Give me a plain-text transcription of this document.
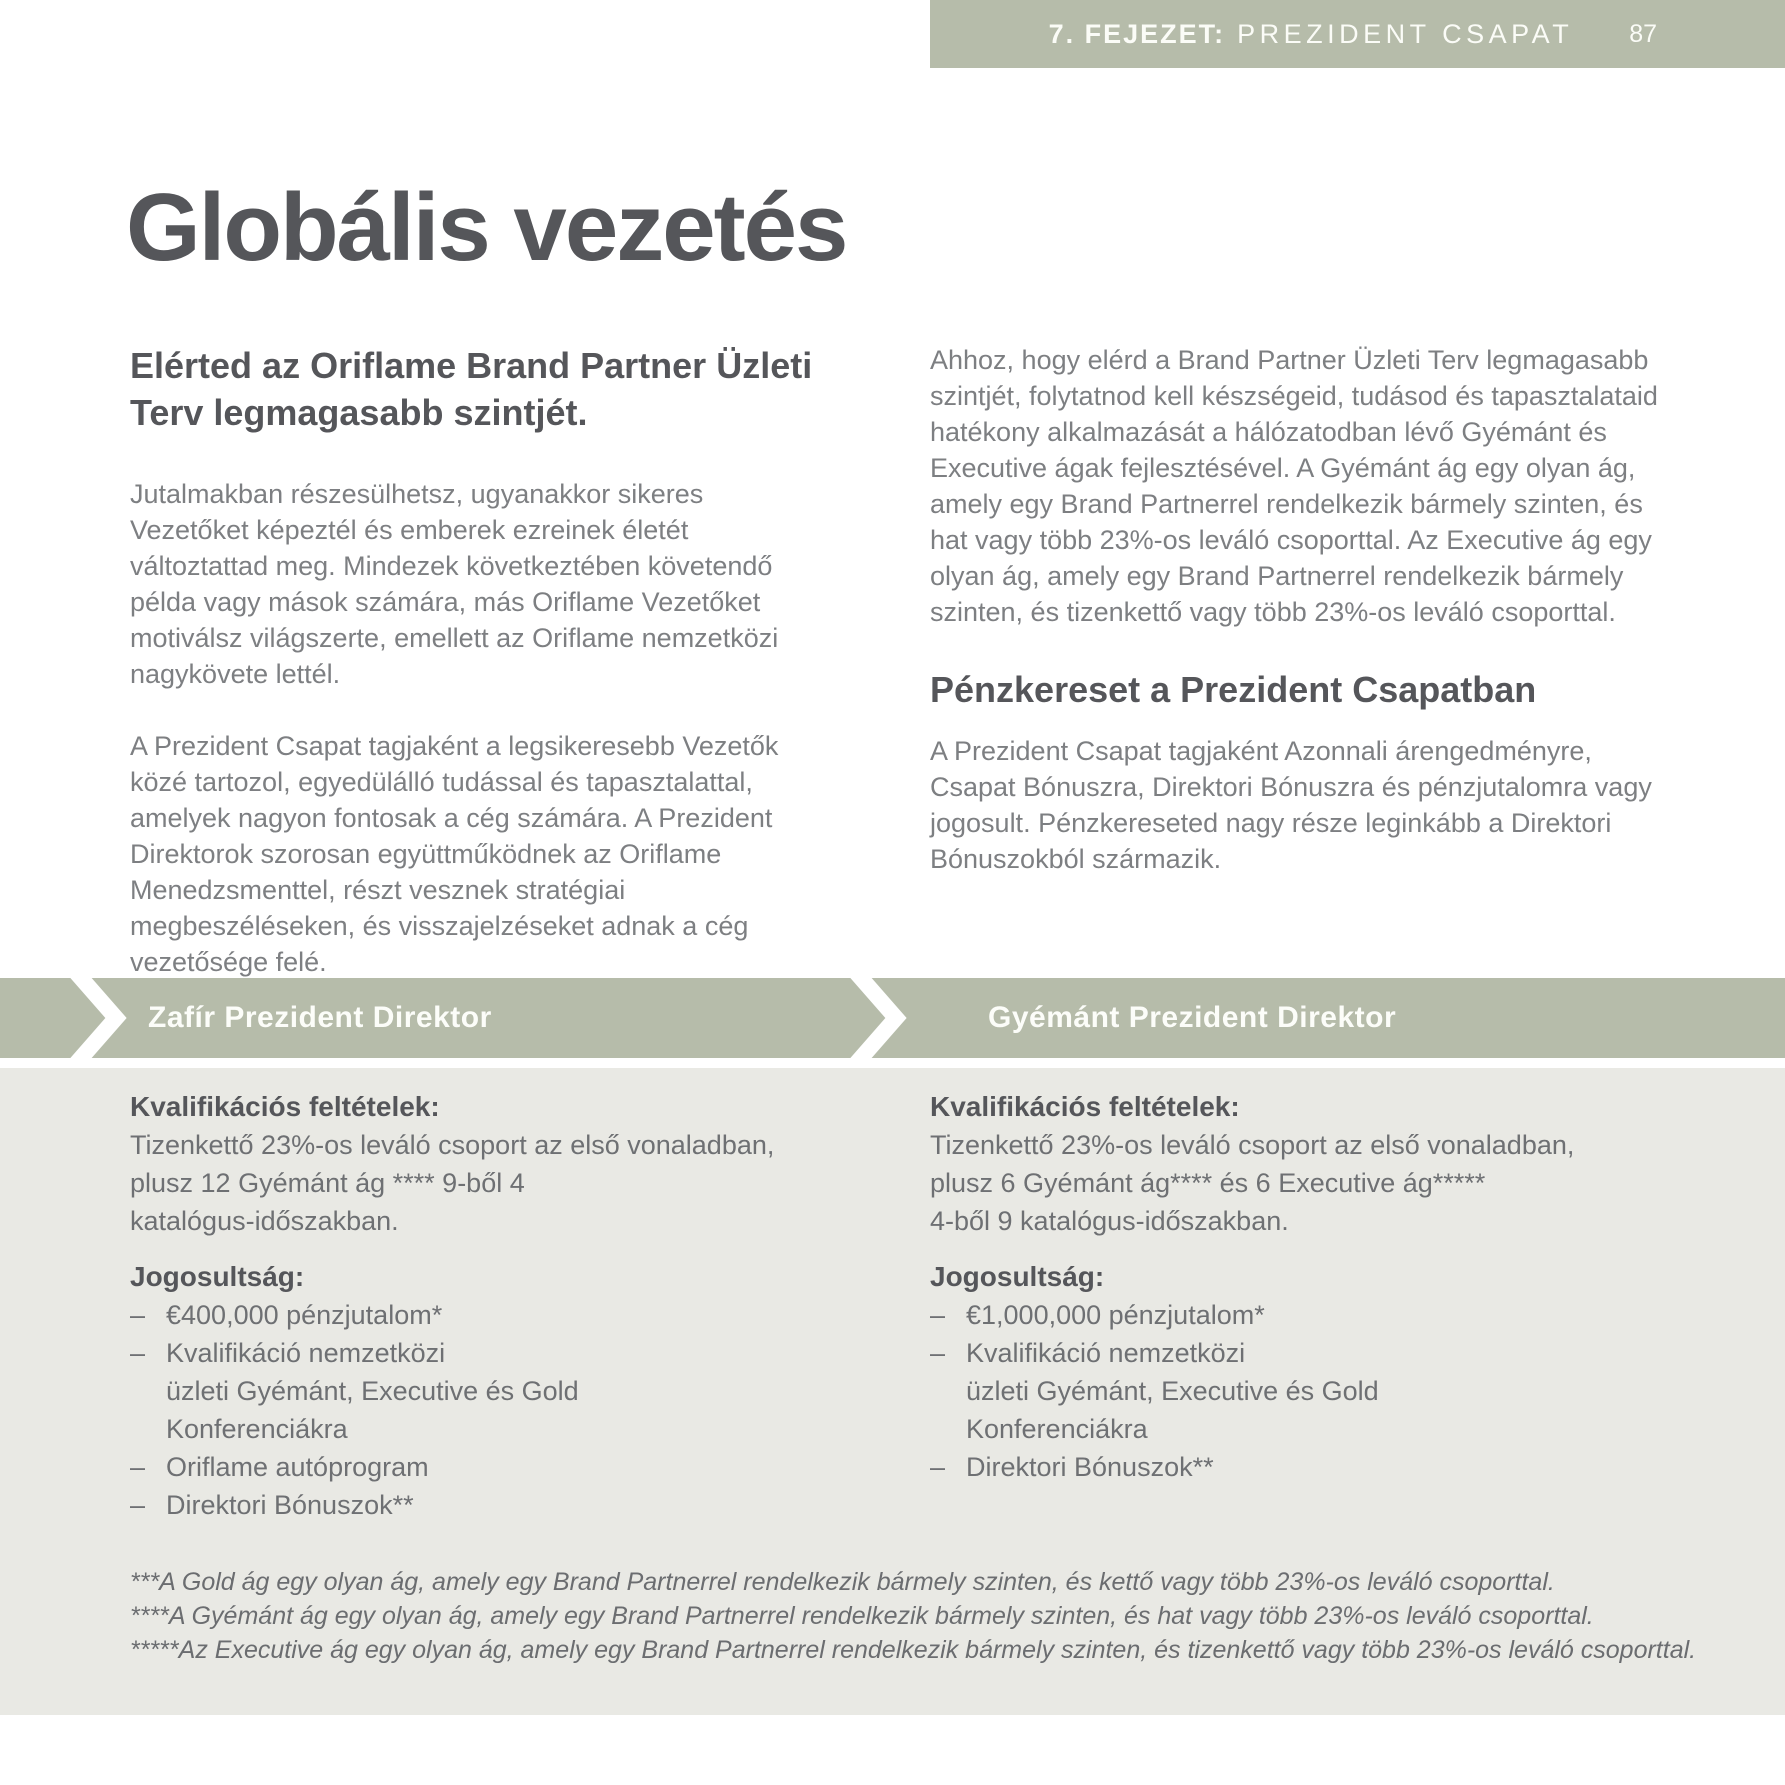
7. FEJEZET: PREZIDENT CSAPAT 87
Globális vezetés
Elérted az Oriflame Brand Partner Üzleti Terv legmagasabb szintjét.

Jutalmakban részesülhetsz, ugyanakkor sikeres Vezetőket képeztél és emberek ezreinek életét változtattad meg. Mindezek következtében követendő példa vagy mások számára, más Oriflame Vezetőket motiválsz világszerte, emellett az Oriflame nemzetközi nagykövete lettél.

A Prezident Csapat tagjaként a legsikeresebb Vezetők közé tartozol, egyedülálló tudással és tapasztalattal, amelyek nagyon fontosak a cég számára. A Prezident Direktorok szorosan együttműködnek az Oriflame Menedzsmenttel, részt vesznek stratégiai megbeszéléseken, és visszajelzéseket adnak a cég vezetősége felé.

Ahhoz, hogy elérd a Brand Partner Üzleti Terv legmagasabb szintjét, folytatnod kell készségeid, tudásod és tapasztalataid hatékony alkalmazását a hálózatodban lévő Gyémánt és Executive ágak fejlesztésével. A Gyémánt ág egy olyan ág, amely egy Brand Partnerrel rendelkezik bármely szinten, és hat vagy több 23%-os leváló csoporttal. Az Executive ág egy olyan ág, amely egy Brand Partnerrel rendelkezik bármely szinten, és tizenkettő vagy több 23%-os leváló csoporttal.

Pénzkereset a Prezident Csapatban

A Prezident Csapat tagjaként Azonnali árengedményre, Csapat Bónuszra, Direktori Bónuszra és pénzjutalomra vagy jogosult. Pénzkereseted nagy része leginkább a Direktori Bónuszokból származik.

Zafír Prezident Direktor	Gyémánt Prezident Direktor
Kvalifikációs feltételek:
Tizenkettő 23%-os leváló csoport az első vonaladban,
plusz 12 Gyémánt ág **** 9-ből 4
katalógus-időszakban.
Jogosultság:
– €400,000 pénzjutalom*
– Kvalifikáció nemzetközi
üzleti Gyémánt, Executive és Gold
Konferenciákra
– Oriflame autóprogram
– Direktori Bónuszok**
Kvalifikációs feltételek:
Tizenkettő 23%-os leváló csoport az első vonaladban,
plusz 6 Gyémánt ág**** és 6 Executive ág*****
4-ből 9 katalógus-időszakban.
Jogosultság:
– €1,000,000 pénzjutalom*
– Kvalifikáció nemzetközi
üzleti Gyémánt, Executive és Gold
Konferenciákra
– Direktori Bónuszok**

***A Gold ág egy olyan ág, amely egy Brand Partnerrel rendelkezik bármely szinten, és kettő vagy több 23%-os leváló csoporttal.

****A Gyémánt ág egy olyan ág, amely egy Brand Partnerrel rendelkezik bármely szinten, és hat vagy több 23%-os leváló csoporttal.

*****Az Executive ág egy olyan ág, amely egy Brand Partnerrel rendelkezik bármely szinten, és tizenkettő vagy több 23%-os leváló csoporttal.
